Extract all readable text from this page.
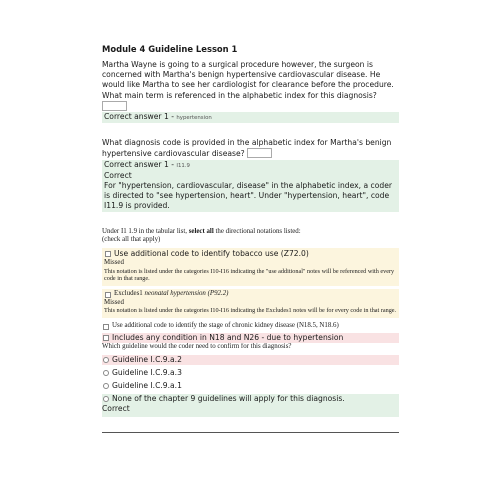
Module 4 Guideline Lesson 1
Martha Wayne is going to a surgical procedure however, the surgeon is concerned with Martha's benign hypertensive cardiovascular disease. He would like Martha to see her cardiologist for clearance before the procedure. What main term is referenced in the alphabetic index for this diagnosis?
Correct answer 1 - hypertension
What diagnosis code is provided in the alphabetic index for Martha's benign hypertensive cardiovascular disease?
Correct answer 1 - I11.9
Correct
For "hypertension, cardiovascular, disease" in the alphabetic index, a coder is directed to "see hypertension, heart". Under "hypertension, heart", code I11.9 is provided.
Under I1 1.9 in the tabular list, select all the directional notations listed:
(check all that apply)
Use additional code to identify tobacco use (Z72.0)
Missed
This notation is listed under the categories I10-I16 indicating the "use additional" notes will be referenced with every code in that range.
Excludes1 neonatal hypertension (P92.2)
Missed
This notation is listed under the categories I10-I16 indicating the Excludes1 notes will be for every code in that range.
Use additional code to identify the stage of chronic kidney disease (N18.5, N18.6)
Includes any condition in N18 and N26 - due to hypertension
Which guideline would the coder need to confirm for this diagnosis?
Guideline I.C.9.a.2
Guideline I.C.9.a.3
Guideline I.C.9.a.1
None of the chapter 9 guidelines will apply for this diagnosis.
Correct
